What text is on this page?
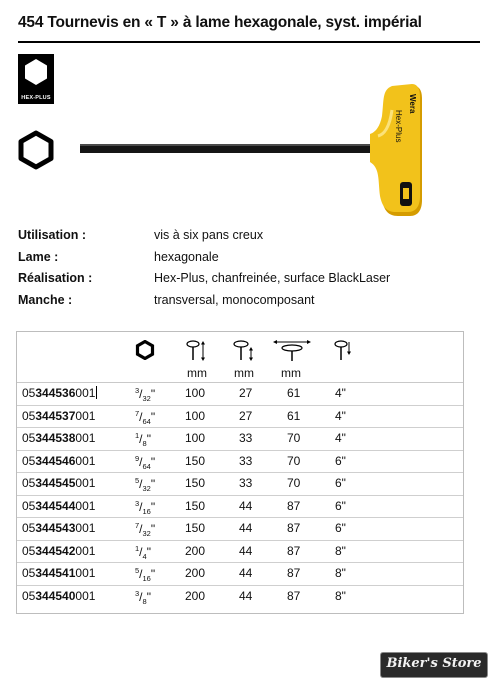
454 Tournevis en « T » à lame hexagonale, syst. impérial
HEX-PLUS	Wera
Hex-Plus
Utilisation :	vis à six pans creux
Lame :	hexagonale
Réalisation :	Hex-Plus, chanfreinée, surface BlackLaser
Manche :	transversal, monocomposant
mm	mm	mm
05344536001	$^3/_{32}$" 100	27	61	4"
05344537001	$^7/_{64}$" 100	27	61	4"
05344538001	$^1/_8$"	100	33	70	4"
05344546001	$^9/_{64}$" 150	33	70	6"
05344545001	$^5/_{32}$" 150	33	70	6"
05344544001	$^3/_{16}$" 150	44	87	6"
05344543001	$^7/_{32}$" 150	44	87	6"
05344542001	$^1/_4$"	200	44	87	8"
05344541001	$^5/_{16}$" 200	44	87	8"
05344540001	$^3/_8$"	200	44	87	8"
Biker's Store
